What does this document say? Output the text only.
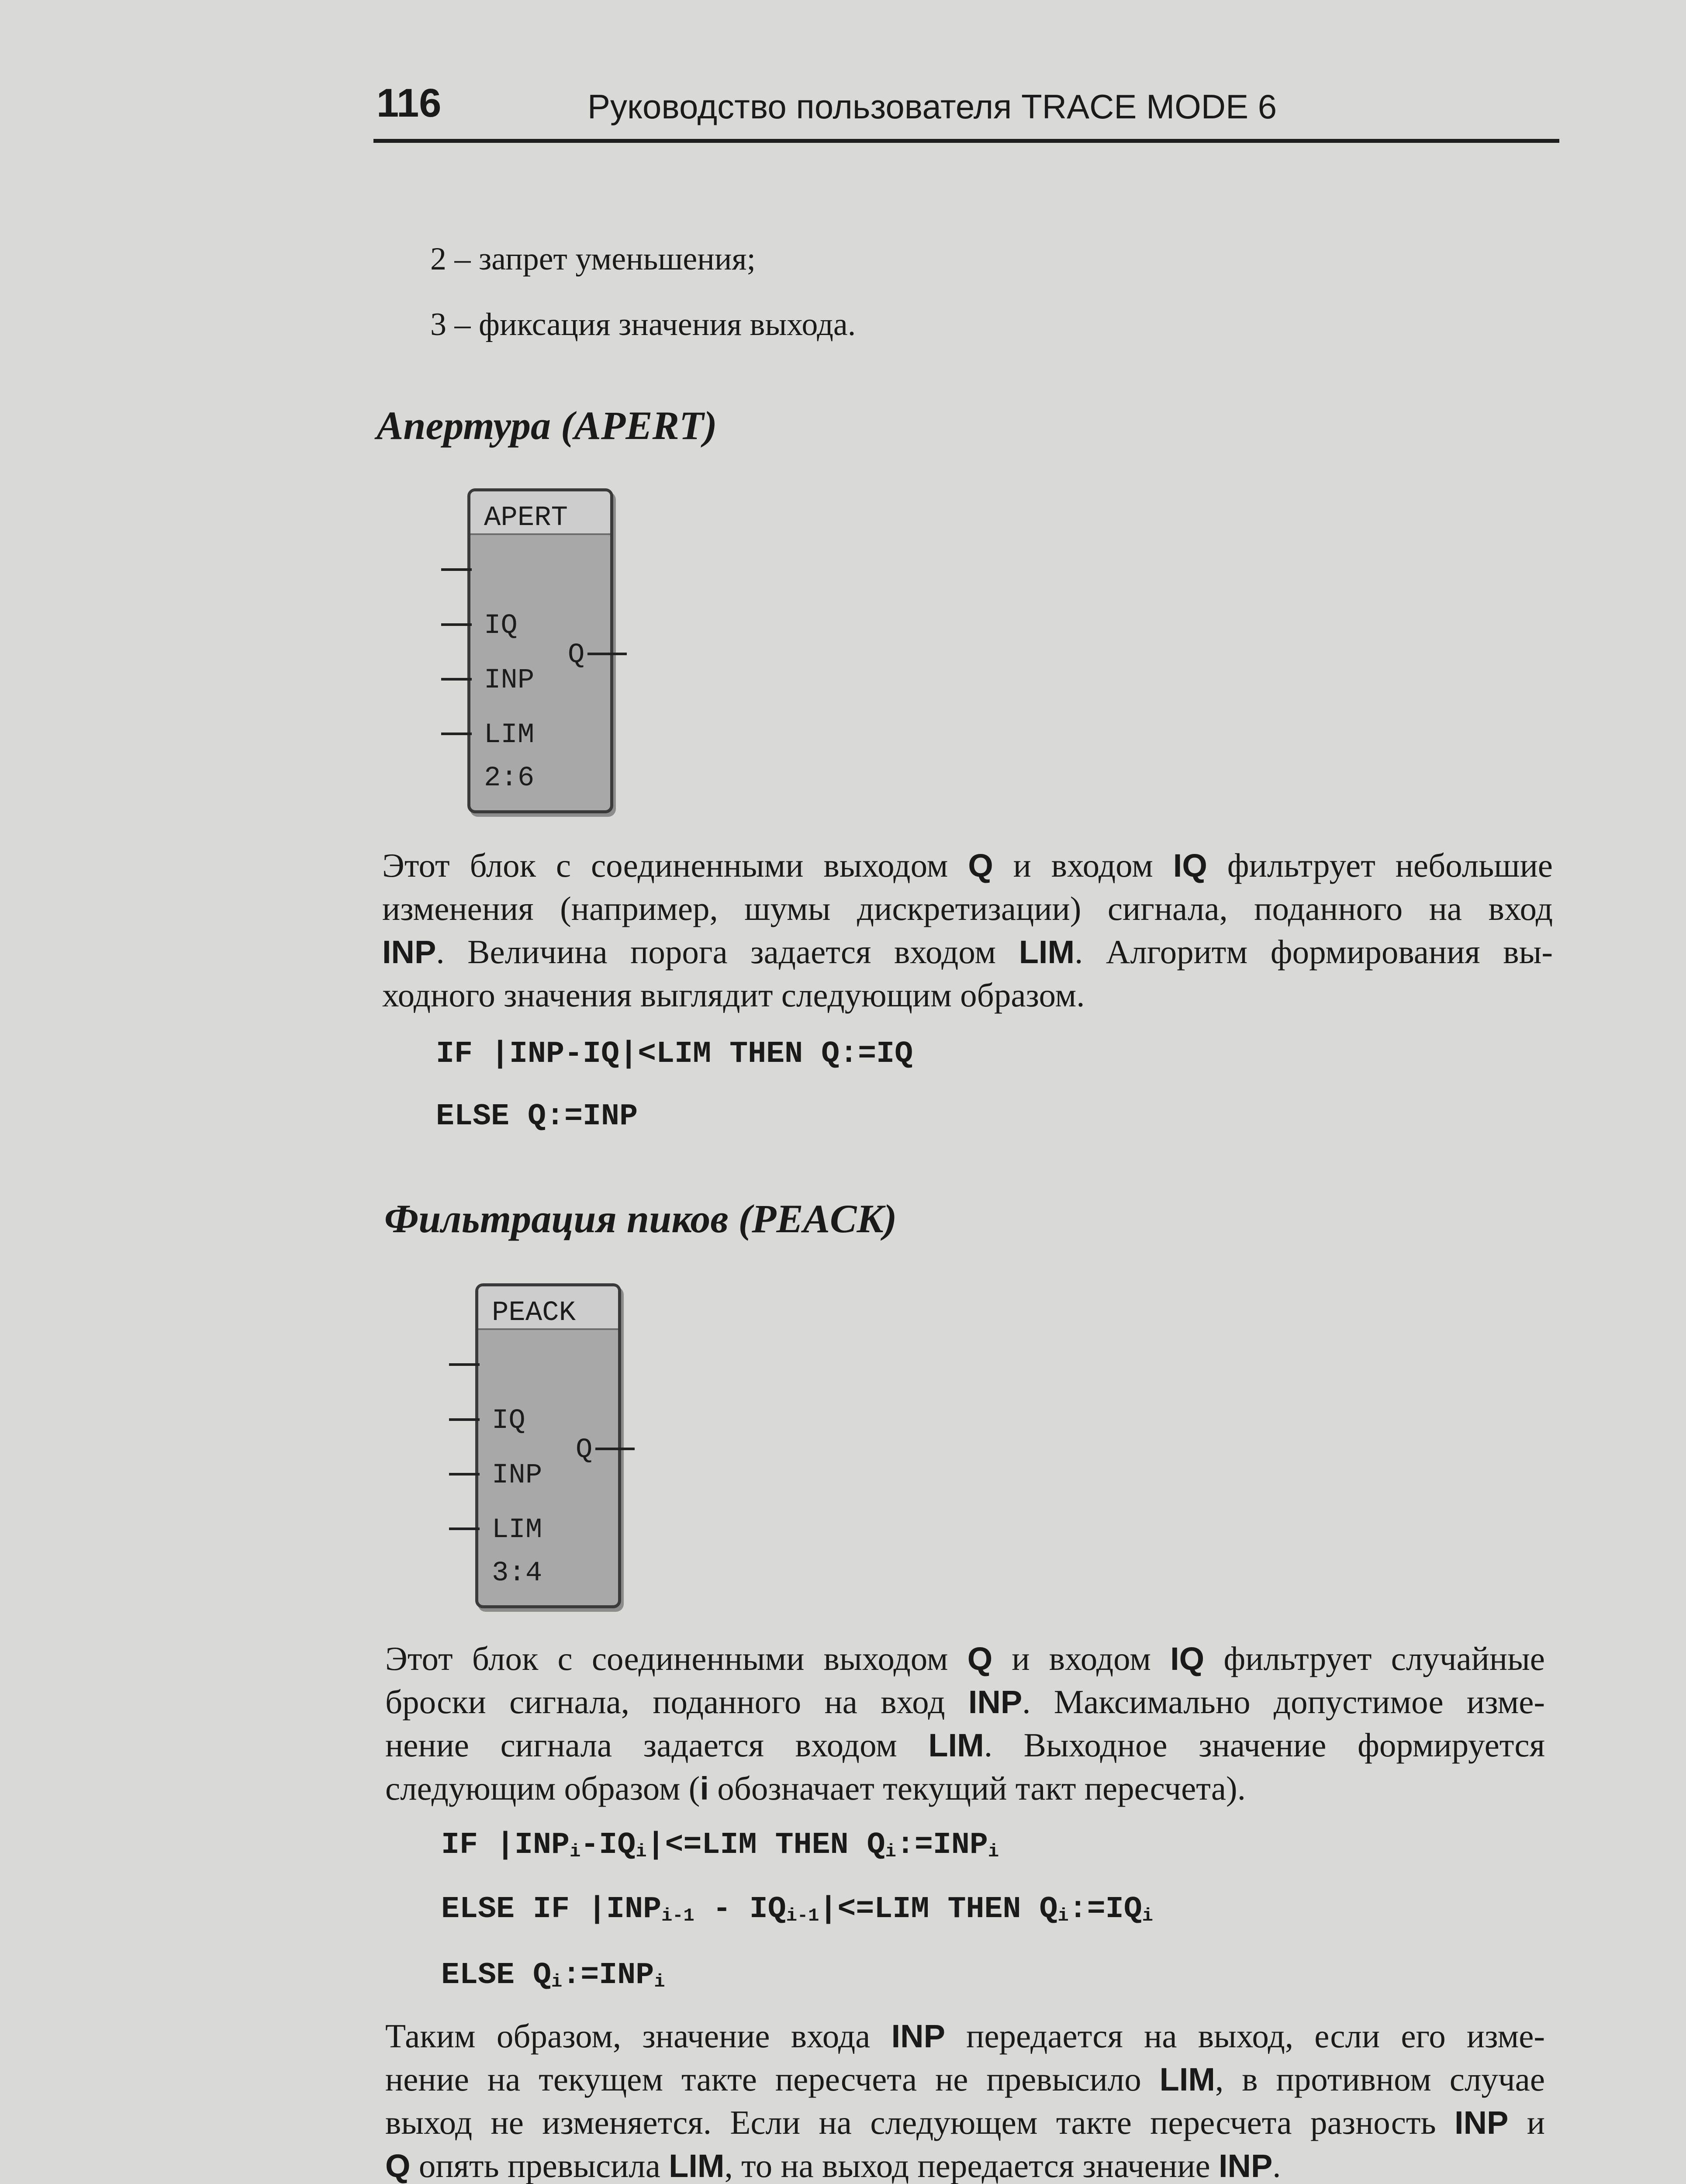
116	Руководство пользователя TRACE MODE 6
2 – запрет уменьшения;
3 – фиксация значения выхода.
Апертура (APERT)
APERT
IQ
INP
LIM
Q
2:6
Этот блок с соединенными выходом Q и входом IQ фильтрует небольшие
изменения (например, шумы дискретизации) сигнала, поданного на вход
INP. Величина порога задается входом LIM. Алгоритм формирования вы-
ходного значения выглядит следующим образом.
IF |INP-IQ|<LIM THEN Q:=IQ
ELSE Q:=INP
Фильтрация пиков (PEACK)
PEACK
IQ
INP
LIM
Q
3:4
Этот блок с соединенными выходом Q и входом IQ фильтрует случайные
броски сигнала, поданного на вход INP. Максимально допустимое изме-
нение сигнала задается входом LIM. Выходное значение формируется
следующим образом (i обозначает текущий такт пересчета).
IF $|INP_i-IQ_i|<=LIM$ THEN $Q_i:=INP_i$
ELSE IF $|INP_{i-1} - IQ_{i-1}|<=LIM$ THEN $Q_i:=IQ_i$
ELSE $Q_i:=INP_i$
Таким образом, значение входа INP передается на выход, если его изме-
нение на текущем такте пересчета не превысило LIM, в противном случае
выход не изменяется. Если на следующем такте пересчета разность INP и
Q опять превысила LIM, то на выход передается значение INP.
